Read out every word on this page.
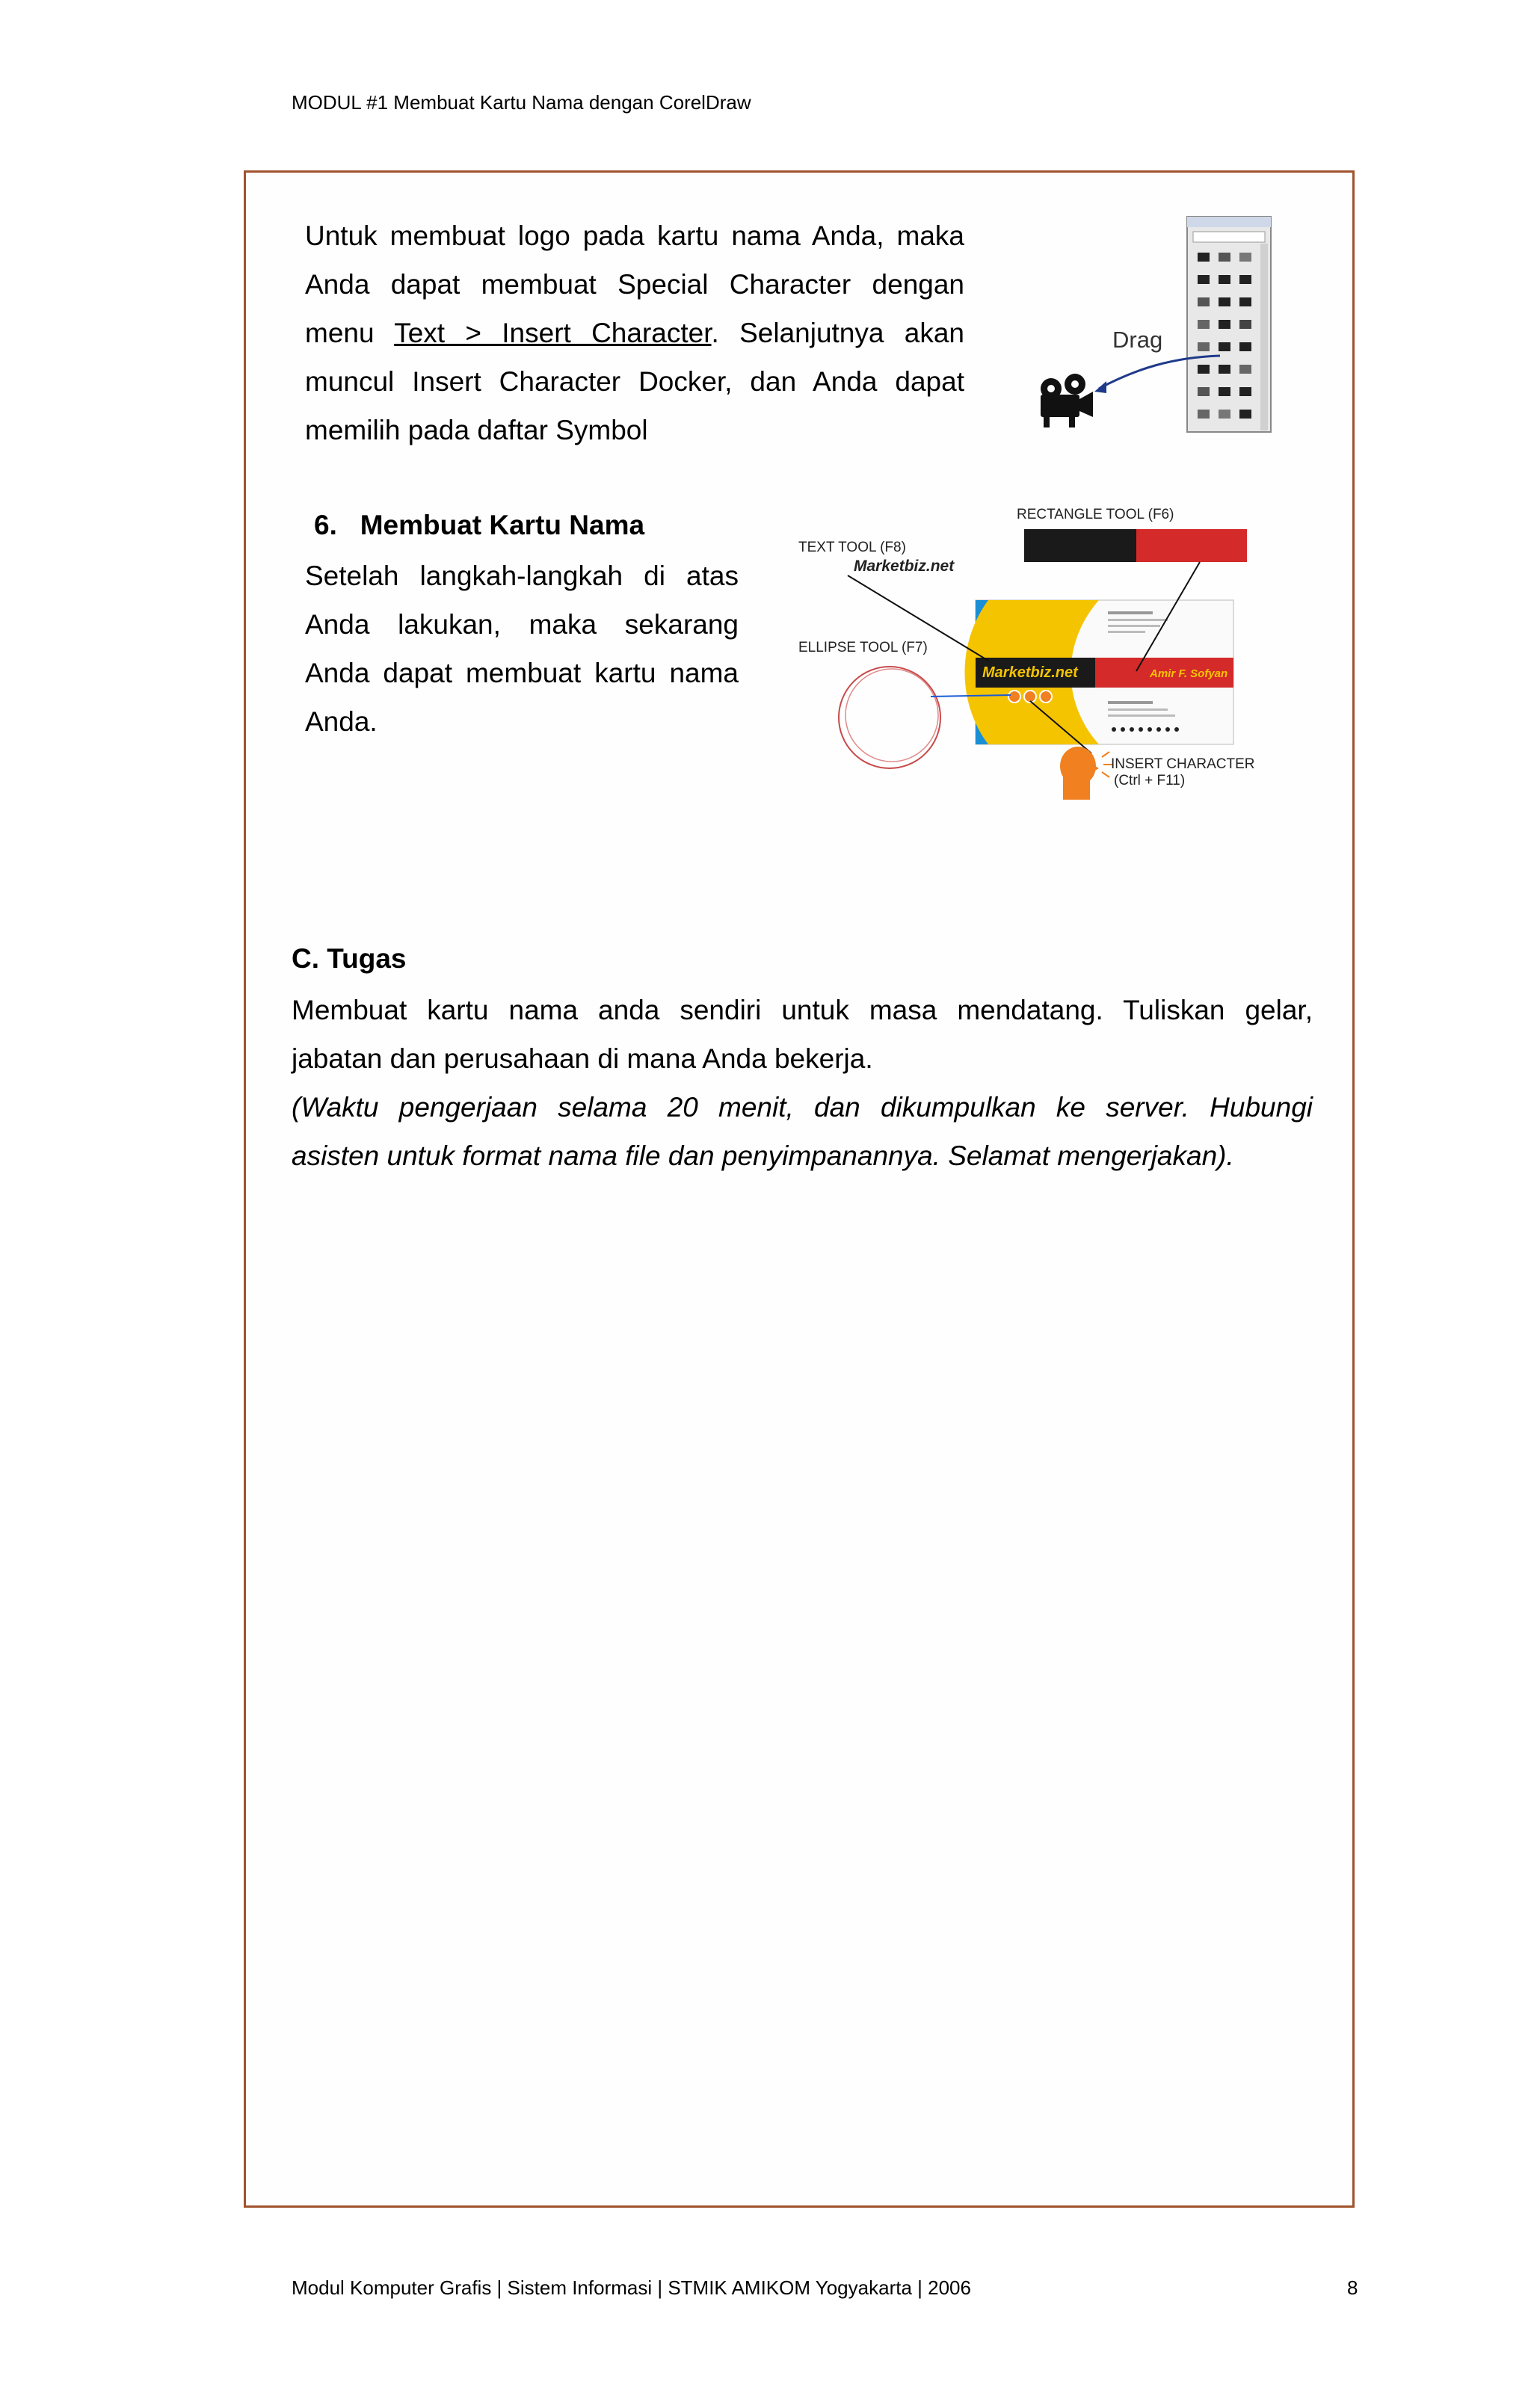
MODUL #1 Membuat Kartu Nama dengan CorelDraw

Untuk membuat logo pada kartu nama Anda, maka

Anda dapat membuat Special Character dengan

menu Text > Insert Character. Selanjutnya akan

muncul Insert Character Docker, dan Anda dapat

memilih pada daftar Symbol

Drag
6. Membuat Kartu Nama

Setelah langkah-langkah di atas

Anda lakukan, maka sekarang

Anda dapat membuat kartu nama

Anda.

RECTANGLE TOOL (F6)
TEXT TOOL (F8)
Marketbiz.net
ELLIPSE TOOL (F7)
Marketbiz.net	Amir F. Sofyan
INSERT CHARACTER
(Ctrl + F11)
C. Tugas

Membuat kartu nama anda sendiri untuk masa mendatang. Tuliskan gelar,

jabatan dan perusahaan di mana Anda bekerja.

(Waktu pengerjaan selama 20 menit, dan dikumpulkan ke server. Hubungi

asisten untuk format nama file dan penyimpanannya. Selamat mengerjakan).

Modul Komputer Grafis | Sistem Informasi | STMIK AMIKOM Yogyakarta | 2006	8
